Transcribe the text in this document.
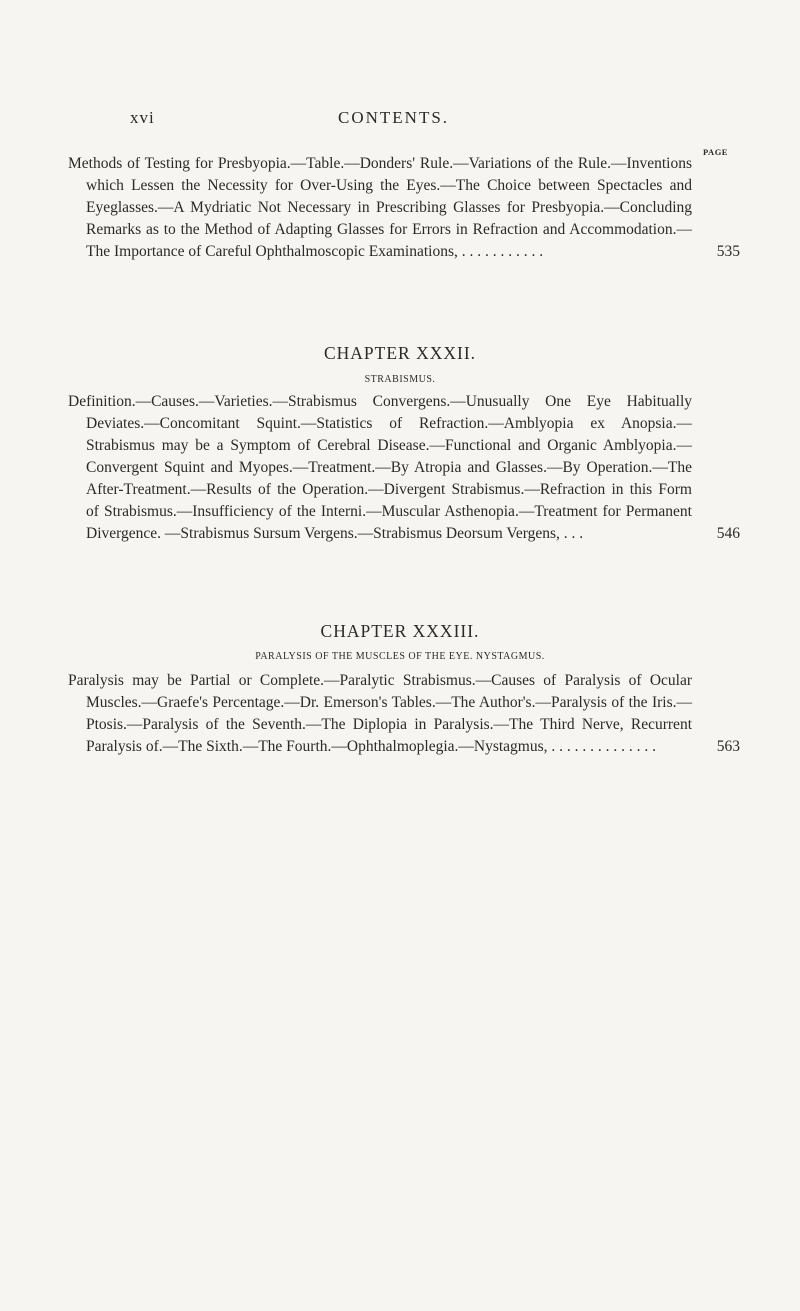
xvi	CONTENTS.
PAGE
Methods of Testing for Presbyopia.—Table.—Donders' Rule.—Variations of the Rule.—Inventions which Lessen the Necessity for Over-Using the Eyes.—The Choice between Spectacles and Eyeglasses.—A Mydriatic Not Necessary in Prescribing Glasses for Presbyopia.—Concluding Remarks as to the Method of Adapting Glasses for Errors in Refraction and Accommodation.—The Importance of Careful Ophthalmoscopic Examinations, . . . . . . . . . . .	535
CHAPTER XXXII.
STRABISMUS.
Definition.—Causes.—Varieties.—Strabismus Convergens.—Unusually One Eye Habitually Deviates.—Concomitant Squint.—Statistics of Refraction.—Amblyopia ex Anopsia.—Strabismus may be a Symptom of Cerebral Disease.—Functional and Organic Amblyopia.—Convergent Squint and Myopes.—Treatment.—By Atropia and Glasses.—By Operation.—The After-Treatment.—Results of the Operation.—Divergent Strabismus.—Refraction in this Form of Strabismus.—Insufficiency of the Interni.—Muscular Asthenopia.—Treatment for Permanent Divergence. —Strabismus Sursum Vergens.—Strabismus Deorsum Vergens, . . .	546
CHAPTER XXXIII.
PARALYSIS OF THE MUSCLES OF THE EYE. NYSTAGMUS.
Paralysis may be Partial or Complete.—Paralytic Strabismus.—Causes of Paralysis of Ocular Muscles.—Graefe's Percentage.—Dr. Emerson's Tables.—The Author's.—Paralysis of the Iris.—Ptosis.—Paralysis of the Seventh.—The Diplopia in Paralysis.—The Third Nerve, Recurrent Paralysis of.—The Sixth.—The Fourth.—Ophthalmoplegia.—Nystagmus, . . . . . . . . . . . . . .	563
